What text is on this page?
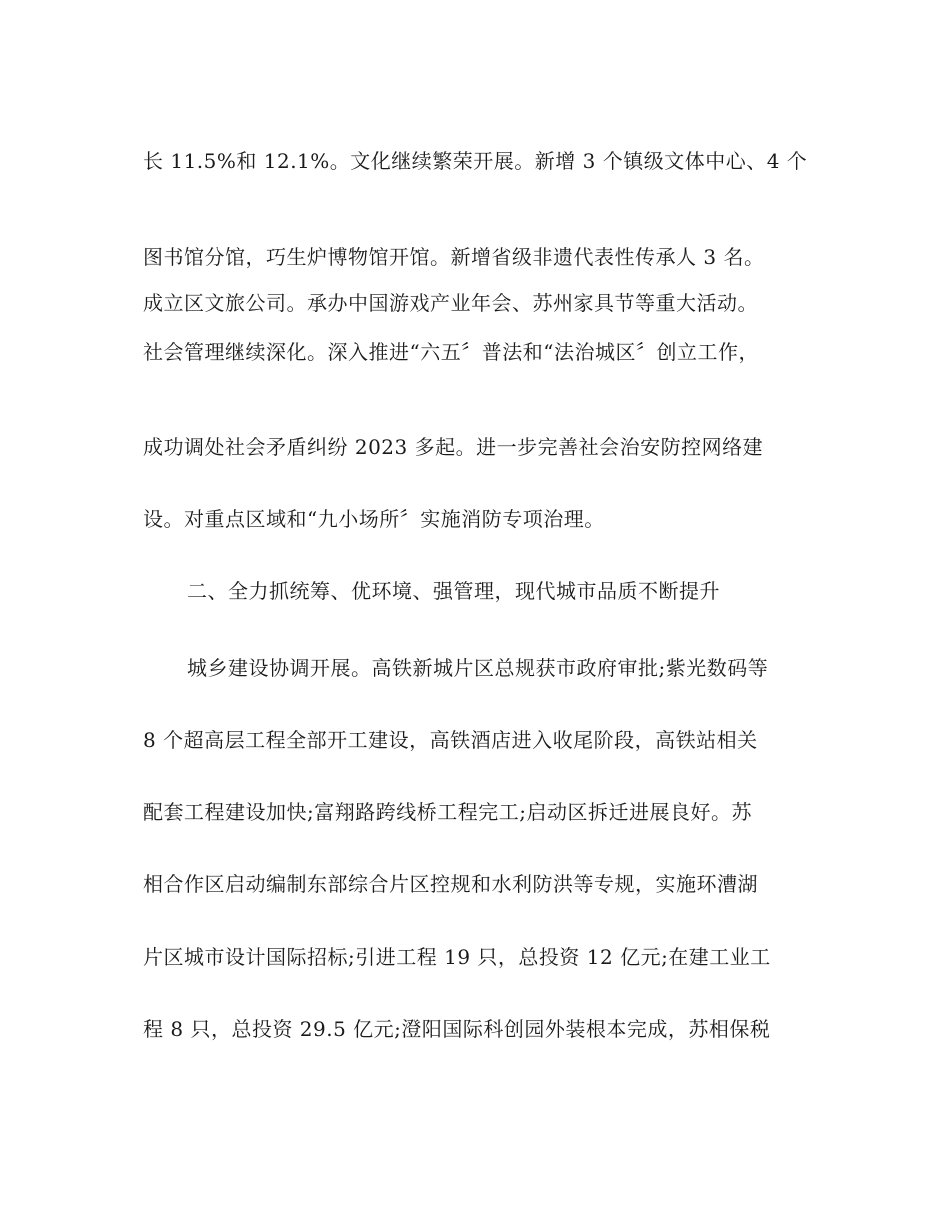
长 11.5%和 12.1%。文化继续繁荣开展。新增 3 个镇级文体中心、4 个

图书馆分馆，巧生炉博物馆开馆。新增省级非遗代表性传承人 3 名。

成立区文旅公司。承办中国游戏产业年会、苏州家具节等重大活动。

社会管理继续深化。深入推进“六五〞普法和“法治城区〞创立工作，

成功调处社会矛盾纠纷 2023 多起。进一步完善社会治安防控网络建

设。对重点区域和“九小场所〞实施消防专项治理。

二、全力抓统筹、优环境、强管理，现代城市品质不断提升

城乡建设协调开展。高铁新城片区总规获市政府审批;紫光数码等

8 个超高层工程全部开工建设，高铁酒店进入收尾阶段，高铁站相关

配套工程建设加快;富翔路跨线桥工程完工;启动区拆迁进展良好。苏

相合作区启动编制东部综合片区控规和水利防洪等专规，实施环漕湖

片区城市设计国际招标;引进工程 19 只，总投资 12 亿元;在建工业工

程 8 只，总投资 29.5 亿元;澄阳国际科创园外装根本完成，苏相保税
